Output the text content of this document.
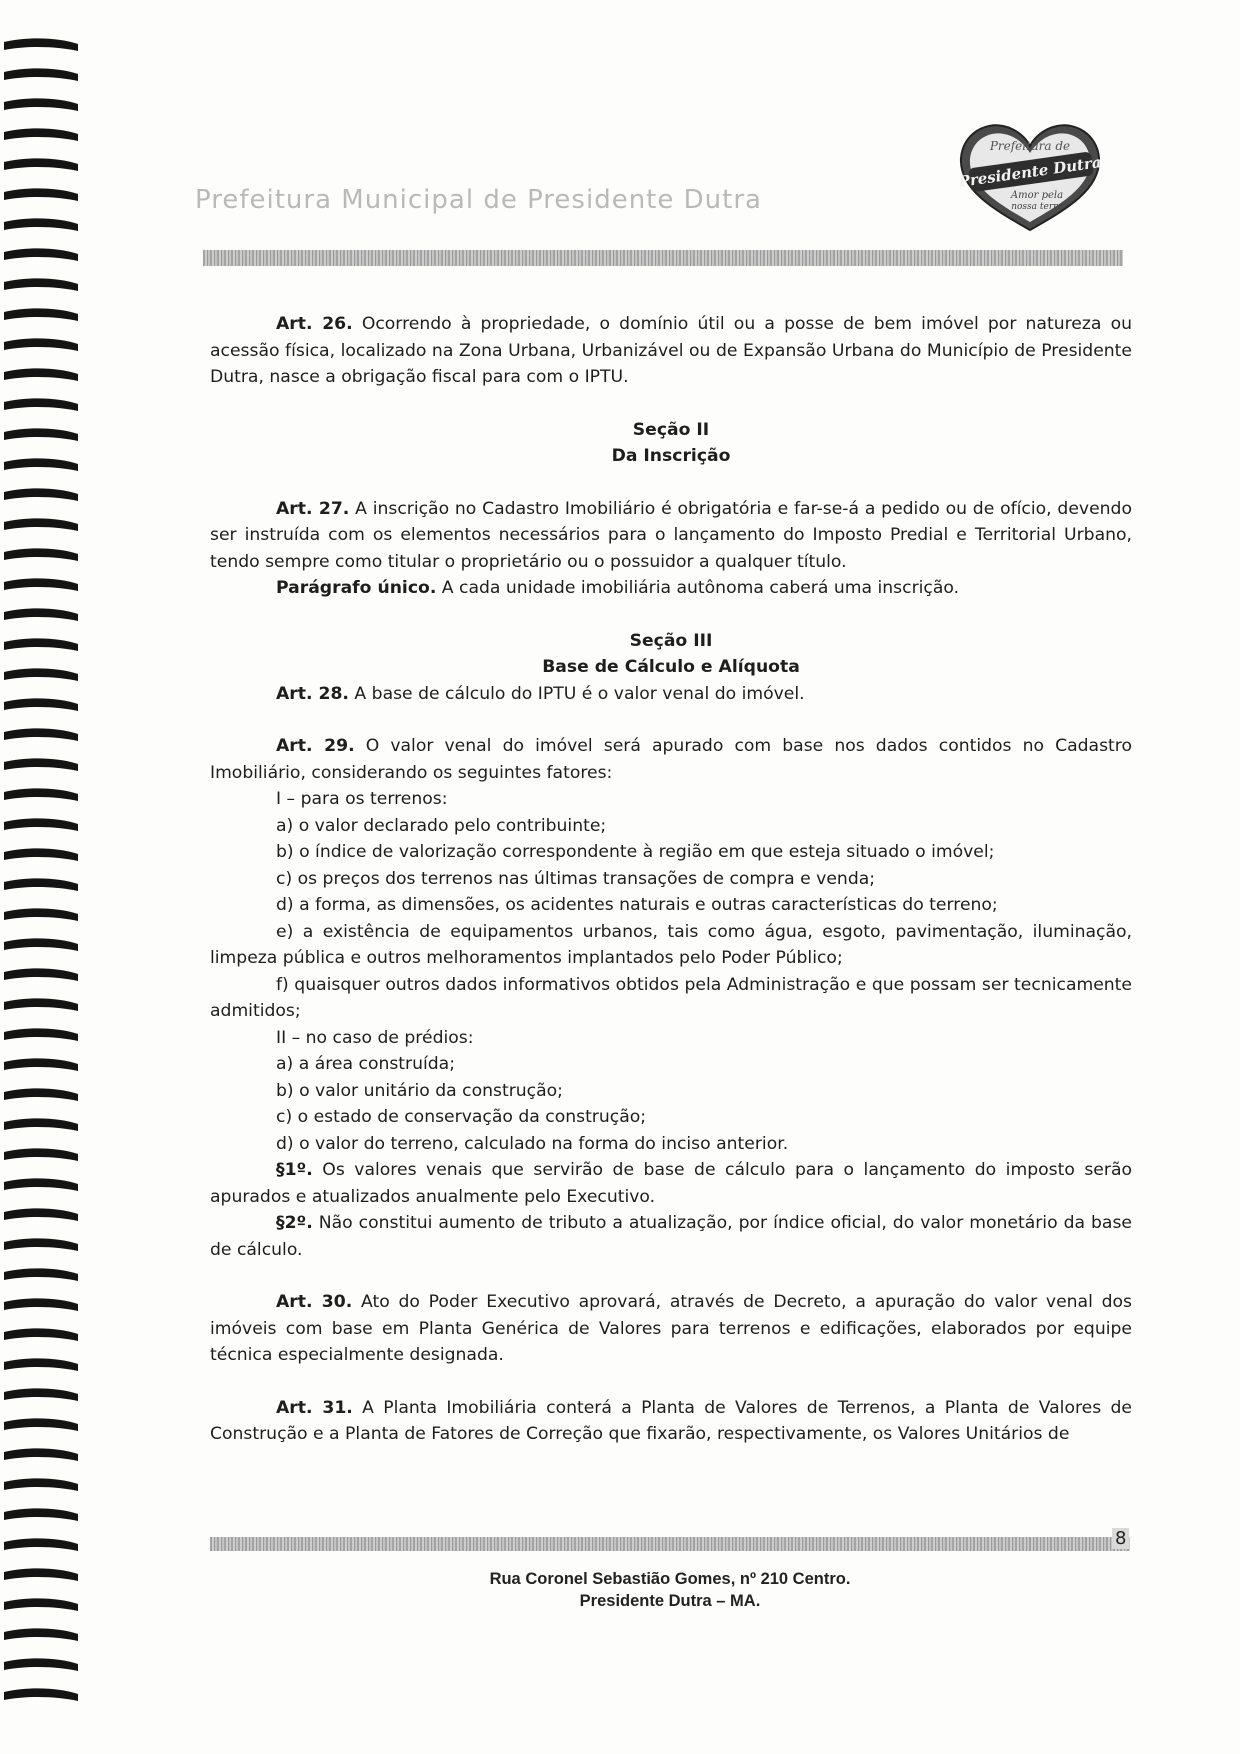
Prefeitura Municipal de Presidente Dutra
Prefeitura de
Presidente Dutra
Amor pela
nossa terra

Art. 26. Ocorrendo à propriedade, o domínio útil ou a posse de bem imóvel por natureza ou acessão física, localizado na Zona Urbana, Urbanizável ou de Expansão Urbana do Município de Presidente Dutra, nasce a obrigação fiscal para com o IPTU.

Seção II

Da Inscrição

Art. 27. A inscrição no Cadastro Imobiliário é obrigatória e far-se-á a pedido ou de ofício, devendo ser instruída com os elementos necessários para o lançamento do Imposto Predial e Territorial Urbano, tendo sempre como titular o proprietário ou o possuidor a qualquer título.

Parágrafo único. A cada unidade imobiliária autônoma caberá uma inscrição.

Seção III

Base de Cálculo e Alíquota

Art. 28. A base de cálculo do IPTU é o valor venal do imóvel.

Art. 29. O valor venal do imóvel será apurado com base nos dados contidos no Cadastro Imobiliário, considerando os seguintes fatores:

I – para os terrenos:

a) o valor declarado pelo contribuinte;

b) o índice de valorização correspondente à região em que esteja situado o imóvel;

c) os preços dos terrenos nas últimas transações de compra e venda;

d) a forma, as dimensões, os acidentes naturais e outras características do terreno;

e) a existência de equipamentos urbanos, tais como água, esgoto, pavimentação, iluminação, limpeza pública e outros melhoramentos implantados pelo Poder Público;

f) quaisquer outros dados informativos obtidos pela Administração e que possam ser tecnicamente admitidos;

II – no caso de prédios:

a) a área construída;

b) o valor unitário da construção;

c) o estado de conservação da construção;

d) o valor do terreno, calculado na forma do inciso anterior.

§1º. Os valores venais que servirão de base de cálculo para o lançamento do imposto serão apurados e atualizados anualmente pelo Executivo.

§2º. Não constitui aumento de tributo a atualização, por índice oficial, do valor monetário da base de cálculo.

Art. 30. Ato do Poder Executivo aprovará, através de Decreto, a apuração do valor venal dos imóveis com base em Planta Genérica de Valores para terrenos e edificações, elaborados por equipe técnica especialmente designada.

Art. 31. A Planta Imobiliária conterá a Planta de Valores de Terrenos, a Planta de Valores de Construção e a Planta de Fatores de Correção que fixarão, respectivamente, os Valores Unitários de

8
Rua Coronel Sebastião Gomes, nº 210 Centro.
Presidente Dutra – MA.
